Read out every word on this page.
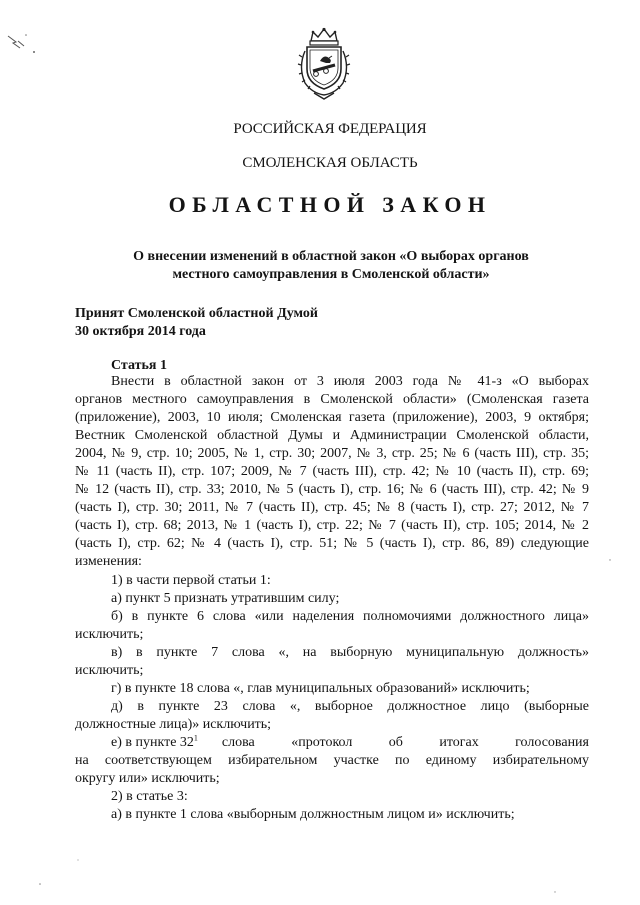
РОССИЙСКАЯ ФЕДЕРАЦИЯ
СМОЛЕНСКАЯ ОБЛАСТЬ
ОБЛАСТНОЙ ЗАКОН
О внесении изменений в областной закон «О выборах органов
местного самоуправления в Смоленской области»
Принят Смоленской областной Думой
30 октября 2014 года
Статья 1
Внести в областной закон от 3 июля 2003 года № 41-з «О выборах
органов местного самоуправления в Смоленской области» (Смоленская газета
(приложение), 2003, 10 июля; Смоленская газета (приложение), 2003, 9 октября;
Вестник Смоленской областной Думы и Администрации Смоленской области,
2004, № 9, стр. 10; 2005, № 1, стр. 30; 2007, № 3, стр. 25; № 6 (часть III), стр. 35;
№ 11 (часть II), стр. 107; 2009, № 7 (часть III), стр. 42; № 10 (часть II), стр. 69;
№ 12 (часть II), стр. 33; 2010, № 5 (часть I), стр. 16; № 6 (часть III), стр. 42; № 9
(часть I), стр. 30; 2011, № 7 (часть II), стр. 45; № 8 (часть I), стр. 27; 2012, № 7
(часть I), стр. 68; 2013, № 1 (часть I), стр. 22; № 7 (часть II), стр. 105; 2014, № 2
(часть I), стр. 62; № 4 (часть I), стр. 51; № 5 (часть I), стр. 86, 89) следующие
изменения:
1) в части первой статьи 1:
а) пункт 5 признать утратившим силу;
б) в пункте 6 слова «или наделения полномочиями должностного лица»
исключить;
в) в пункте 7 слова «, на выборную муниципальную должность»
исключить;
г) в пункте 18 слова «, глав муниципальных образований» исключить;
д) в пункте 23 слова «, выборное должностное лицо (выборные
должностные лица)» исключить;
е) в пункте $32^1$ слова «протокол об итогах голосования
на соответствующем избирательном участке по единому избирательному
округу или» исключить;
2) в статье 3:
а) в пункте 1 слова «выборным должностным лицом и» исключить;
